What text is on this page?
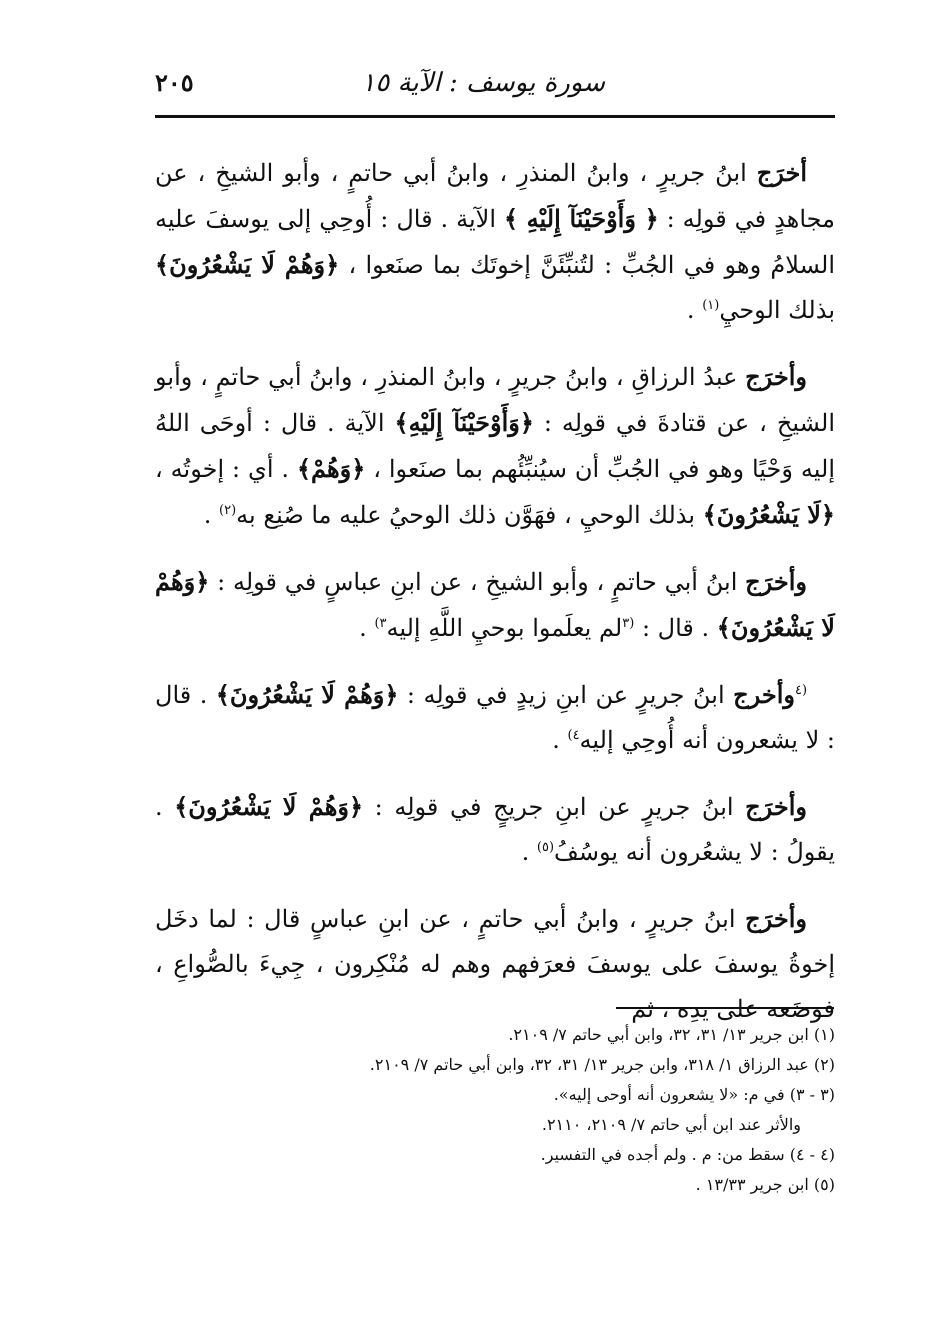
سورة يوسف : الآية ١٥
٢٠٥

أخرَج ابنُ جريرٍ ، وابنُ المنذرِ ، وابنُ أبي حاتمٍ ، وأبو الشيخِ ، عن مجاهدٍ في قولِه : ﴿ وَأَوْحَيْنَآ إِلَيْهِ ﴾ الآية . قال : أُوحِي إلى يوسفَ عليه السلامُ وهو في الجُبِّ : لتُنبِّئَنَّ إخوتَك بما صنَعوا ، ﴿وَهُمْ لَا يَشْعُرُونَ﴾ بذلك الوحيِ$^{(١)}$ .

وأخرَج عبدُ الرزاقِ ، وابنُ جريرٍ ، وابنُ المنذرِ ، وابنُ أبي حاتمٍ ، وأبو الشيخِ ، عن قتادةَ في قولِه : ﴿وَأَوْحَيْنَآ إِلَيْهِ﴾ الآية . قال : أوحَى اللهُ إليه وَحْيًا وهو في الجُبِّ أن سيُنبِّئُهم بما صنَعوا ، ﴿وَهُمْ﴾ . أي : إخوتُه ، ﴿لَا يَشْعُرُونَ﴾ بذلك الوحيِ ، فهَوَّن ذلك الوحيُ عليه ما صُنِع به$^{(٢)}$ .

وأخرَج ابنُ أبي حاتمٍ ، وأبو الشيخِ ، عن ابنِ عباسٍ في قولِه : ﴿وَهُمْ لَا يَشْعُرُونَ﴾ . قال : $^{(٣}$لم يعلَموا بوحيِ اللَّهِ إليه$^{٣)}$ .

$^{(٤}$وأخرج ابنُ جريرٍ عن ابنِ زيدٍ في قولِه : ﴿وَهُمْ لَا يَشْعُرُونَ﴾ . قال : لا يشعرون أنه أُوحِي إليه$^{٤)}$ .

وأخرَج ابنُ جريرٍ عن ابنِ جريجٍ في قولِه : ﴿وَهُمْ لَا يَشْعُرُونَ﴾ . يقولُ : لا يشعُرون أنه يوسُفُ$^{(٥)}$ .

وأخرَج ابنُ جريرٍ ، وابنُ أبي حاتمٍ ، عن ابنِ عباسٍ قال : لما دخَل إخوةُ يوسفَ على يوسفَ فعرَفهم وهم له مُنْكِرون ، جِيءَ بالصُّواعِ ، فوضَعه على يدِه ، ثم

(١) ابن جرير ١٣/ ٣١، ٣٢، وابن أبي حاتم ٧/ ٢١٠٩.

(٢) عبد الرزاق ١/ ٣١٨، وابن جرير ١٣/ ٣١، ٣٢، وابن أبي حاتم ٧/ ٢١٠٩.

(٣ - ٣) في م: «لا يشعرون أنه أوحى إليه».

والأثر عند ابن أبي حاتم ٧/ ٢١٠٩، ٢١١٠.

(٤ - ٤) سقط من: م . ولم أجده في التفسير.

(٥) ابن جرير ١٣/٣٣ .
